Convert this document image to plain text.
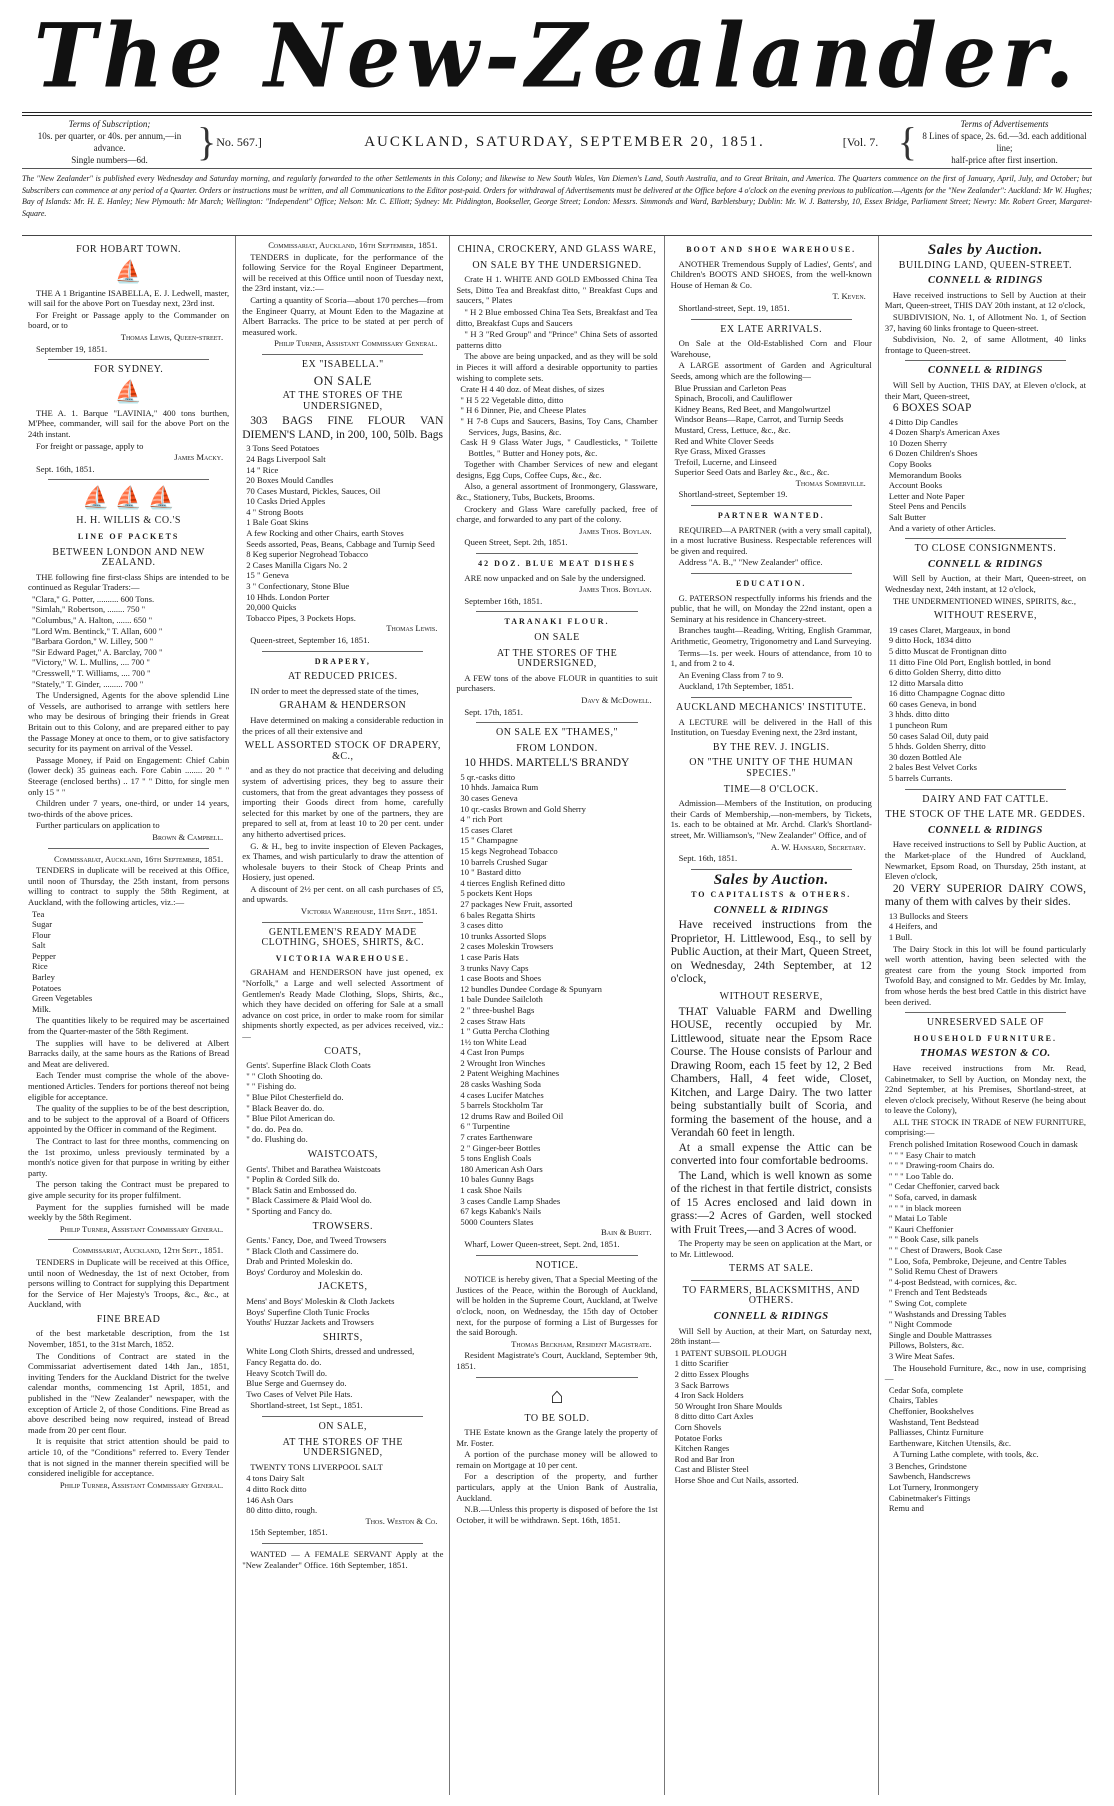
The New-Zealander.
Terms of Subscription;
10s. per quarter, or 40s. per annum,—in advance.
Single numbers—6d.	} No. 567.]	AUCKLAND, SATURDAY, SEPTEMBER 20, 1851.	[Vol. 7. {	Terms of Advertisements
8 Lines of space, 2s. 6d.—3d. each additional line;
half-price after first insertion.
The "New Zealander" is published every Wednesday and Saturday morning, and regularly forwarded to the other Settlements in this Colony; and likewise to New South Wales, Van Diemen's Land, South Australia, and to Great Britain, and America. The Quarters commence on the first of January, April, July, and October; but Subscribers can commence at any period of a Quarter. Orders or instructions must be written, and all Communications to the Editor post-paid. Orders for withdrawal of Advertisements must be delivered at the Office before 4 o'clock on the evening previous to publication.—Agents for the "New Zealander": Auckland: Mr W. Hughes; Bay of Islands: Mr. H. E. Hanley; New Plymouth: Mr March; Wellington: "Independent" Office; Nelson: Mr. C. Elliott; Sydney: Mr. Piddington, Bookseller, George Street; London: Messrs. Simmonds and Ward, Barbletsbury; Dublin: Mr. W. J. Battersby, 10, Essex Bridge, Parliament Street; Newry: Mr. Robert Greer, Margaret-Square.
FOR HOBART TOWN.
⛵
THE A 1 Brigantine ISABELLA, E. J. Ledwell, master, will sail for the above Port on Tuesday next, 23rd inst.
For Freight or Passage apply to the Commander on board, or to
Thomas Lewis, Queen-street.
September 19, 1851.
FOR SYDNEY.
⛵
THE A. 1. Barque "LAVINIA," 400 tons burthen, M'Phee, commander, will sail for the above Port on the 24th instant.
For freight or passage, apply to
James Macky.
Sept. 16th, 1851.
⛵ ⛵ ⛵
H. H. WILLIS & CO.'S
LINE OF PACKETS
BETWEEN LONDON AND NEW ZEALAND.
THE following fine first-class Ships are intended to be continued as Regular Traders:—
"Clara," G. Potter, .......... 600 Tons.
"Simlah," Robertson, ........ 750 "
"Columbus," A. Halton, ....... 650 "
"Lord Wm. Bentinck," T. Allan, 600 "
"Barbara Gordon," W. Lilley, 500 "
"Sir Edward Paget," A. Barclay, 700 "
"Victory," W. L. Mullins, .... 700 "
"Cresswell," T. Williams, .... 700 "
"Stately," T. Ginder, ......... 700 "
The Undersigned, Agents for the above splendid Line of Vessels, are authorised to arrange with settlers here who may be desirous of bringing their friends in Great Britain out to this Colony, and are prepared either to pay the Passage Money at once to them, or to give satisfactory security for its payment on arrival of the Vessel.
Passage Money, if Paid on Engagement: Chief Cabin (lower deck) 35 guineas each. Fore Cabin ........ 20 " " Steerage (enclosed berths) .. 17 " " Ditto, for single men only 15 " "
Children under 7 years, one-third, or under 14 years, two-thirds of the above prices.
Further particulars on application to
Brown & Campbell.
Commissariat, Auckland, 16th September, 1851.
TENDERS in duplicate will be received at this Office, until noon of Thursday, the 25th instant, from persons willing to contract to supply the 58th Regiment, at Auckland, with the following articles, viz.:—
Tea
Sugar
Flour
Salt
Pepper
Rice
Barley
Potatoes
Green Vegetables
Milk.
The quantities likely to be required may be ascertained from the Quarter-master of the 58th Regiment.
The supplies will have to be delivered at Albert Barracks daily, at the same hours as the Rations of Bread and Meat are delivered.
Each Tender must comprise the whole of the above-mentioned Articles. Tenders for portions thereof not being eligible for acceptance.
The quality of the supplies to be of the best description, and to be subject to the approval of a Board of Officers appointed by the Officer in command of the Regiment.
The Contract to last for three months, commencing on the 1st proximo, unless previously terminated by a month's notice given for that purpose in writing by either party.
The person taking the Contract must be prepared to give ample security for its proper fulfilment.
Payment for the supplies furnished will be made weekly by the 58th Regiment.
Philip Turner, Assistant Commissary General.
Commissariat, Auckland, 12th Sept., 1851.
TENDERS in Duplicate will be received at this Office, until noon of Wednesday, the 1st of next October, from persons willing to Contract for supplying this Department for the Service of Her Majesty's Troops, &c., &c., at Auckland, with
FINE BREAD
of the best marketable description, from the 1st November, 1851, to the 31st March, 1852.
The Conditions of Contract are stated in the Commissariat advertisement dated 14th Jan., 1851, inviting Tenders for the Auckland District for the twelve calendar months, commencing 1st April, 1851, and published in the "New Zealander" newspaper, with the exception of Article 2, of those Conditions. Fine Bread as above described being now required, instead of Bread made from 20 per cent flour.
It is requisite that strict attention should be paid to article 10, of the "Conditions" referred to. Every Tender that is not signed in the manner therein specified will be considered ineligible for acceptance.
Philip Turner, Assistant Commissary General.
Commissariat, Auckland, 16th September, 1851.
TENDERS in duplicate, for the performance of the following Service for the Royal Engineer Department, will be received at this Office until noon of Tuesday next, the 23rd instant, viz.:—
Carting a quantity of Scoria—about 170 perches—from the Engineer Quarry, at Mount Eden to the Magazine at Albert Barracks. The price to be stated at per perch of measured work.
Philip Turner, Assistant Commissary General.
EX "ISABELLA."
ON SALE
AT THE STORES OF THE UNDERSIGNED,
303 BAGS FINE FLOUR VAN DIEMEN'S LAND, in 200, 100, 50lb. Bags
3 Tons Seed Potatoes
24 Bags Liverpool Salt
14 " Rice
20 Boxes Mould Candles
70 Cases Mustard, Pickles, Sauces, Oil
10 Casks Dried Apples
4 " Strong Boots
1 Bale Goat Skins
A few Rocking and other Chairs, earth Stoves
Seeds assorted, Peas, Beans, Cabbage and Turnip Seed
8 Keg superior Negrohead Tobacco
2 Cases Manilla Cigars No. 2
15 " Geneva
3 " Confectionary, Stone Blue
10 Hhds. London Porter
20,000 Quicks
Tobacco Pipes, 3 Pockets Hops.
Thomas Lewis.
Queen-street, September 16, 1851.
DRAPERY,
AT REDUCED PRICES.
IN order to meet the depressed state of the times,
GRAHAM & HENDERSON
Have determined on making a considerable reduction in the prices of all their extensive and
WELL ASSORTED STOCK OF DRAPERY, &C.,
and as they do not practice that deceiving and deluding system of advertising prices, they beg to assure their customers, that from the great advantages they possess of importing their Goods direct from home, carefully selected for this market by one of the partners, they are prepared to sell at, from at least 10 to 20 per cent. under any hitherto advertised prices.
G. & H., beg to invite inspection of Eleven Packages, ex Thames, and wish particularly to draw the attention of wholesale buyers to their Stock of Cheap Prints and Hosiery, just opened.
A discount of 2½ per cent. on all cash purchases of £5, and upwards.
Victoria Warehouse, 11th Sept., 1851.
GENTLEMEN'S READY MADE CLOTHING, SHOES, SHIRTS, &C.
VICTORIA WAREHOUSE.
GRAHAM and HENDERSON have just opened, ex "Norfolk," a Large and well selected Assortment of Gentlemen's Ready Made Clothing, Slops, Shirts, &c., which they have decided on offering for Sale at a small advance on cost price, in order to make room for similar shipments shortly expected, as per advices received, viz.:—
COATS,
Gents'. Superfine Black Cloth Coats
" " Cloth Shooting do.
" " Fishing do.
" Blue Pilot Chesterfield do.
" Black Beaver do. do.
" Blue Pilot American do.
" do. do. Pea do.
" do. Flushing do.
WAISTCOATS,
Gents'. Thibet and Barathea Waistcoats
" Poplin & Corded Silk do.
" Black Satin and Embossed do.
" Black Cassimere & Plaid Wool do.
" Sporting and Fancy do.
TROWSERS.
Gents.' Fancy, Doe, and Tweed Trowsers
" Black Cloth and Cassimere do.
Drab and Printed Moleskin do.
Boys' Corduroy and Moleskin do.
JACKETS,
Mens' and Boys' Moleskin & Cloth Jackets
Boys' Superfine Cloth Tunic Frocks
Youths' Huzzar Jackets and Trowsers
SHIRTS,
White Long Cloth Shirts, dressed and undressed,
Fancy Regatta do. do.
Heavy Scotch Twill do.
Blue Serge and Guernsey do.
Two Cases of Velvet Pile Hats.
Shortland-street, 1st Sept., 1851.
ON SALE,
AT THE STORES OF THE UNDERSIGNED,
TWENTY TONS LIVERPOOL SALT
4 tons Dairy Salt
4 ditto Rock ditto
146 Ash Oars
80 ditto ditto, rough.
Thos. Weston & Co.
15th September, 1851.
WANTED — A FEMALE SERVANT Apply at the "New Zealander" Office. 16th September, 1851.
CHINA, CROCKERY, AND GLASS WARE,
ON SALE BY THE UNDERSIGNED.
Crate H 1. WHITE AND GOLD EMbossed China Tea Sets, Ditto Tea and Breakfast ditto, " Breakfast Cups and saucers, " Plates
" H 2 Blue embossed China Tea Sets, Breakfast and Tea ditto, Breakfast Cups and Saucers
" H 3 "Red Group" and "Prince" China Sets of assorted patterns ditto
The above are being unpacked, and as they will be sold in Pieces it will afford a desirable opportunity to parties wishing to complete sets.
Crate H 4 40 doz. of Meat dishes, of sizes
" H 5 22 Vegetable ditto, ditto
" H 6 Dinner, Pie, and Cheese Plates
" H 7-8 Cups and Saucers, Basins, Toy Cans, Chamber Services, Jugs, Basins, &c.
Cask H 9 Glass Water Jugs, " Caudlesticks, " Toilette Bottles, " Butter and Honey pots, &c.
Together with Chamber Services of new and elegant designs, Egg Cups, Coffee Cups, &c., &c.
Also, a general assortment of Ironmongery, Glassware, &c., Stationery, Tubs, Buckets, Brooms.
Crockery and Glass Ware carefully packed, free of charge, and forwarded to any part of the colony.
James Thos. Boylan.
Queen Street, Sept. 2th, 1851.
42 DOZ. BLUE MEAT DISHES
ARE now unpacked and on Sale by the undersigned.
James Thos. Boylan.
September 16th, 1851.
TARANAKI FLOUR.
ON SALE
AT THE STORES OF THE UNDERSIGNED,
A FEW tons of the above FLOUR in quantities to suit purchasers.
Davy & McDowell.
Sept. 17th, 1851.
ON SALE EX "THAMES,"
FROM LONDON.
10 HHDS. MARTELL'S BRANDY
5 qr.-casks ditto
10 hhds. Jamaica Rum
30 cases Geneva
10 qr.-casks Brown and Gold Sherry
4 " rich Port
15 cases Claret
15 " Champagne
15 kegs Negrohead Tobacco
10 barrels Crushed Sugar
10 " Bastard ditto
4 tierces English Refined ditto
5 pockets Kent Hops
27 packages New Fruit, assorted
6 bales Regatta Shirts
3 cases ditto
10 trunks Assorted Slops
2 cases Moleskin Trowsers
1 case Paris Hats
3 trunks Navy Caps
1 case Boots and Shoes
12 bundles Dundee Cordage & Spunyarn
1 bale Dundee Sailcloth
2 " three-bushel Bags
2 cases Straw Hats
1 " Gutta Percha Clothing
1½ ton White Lead
4 Cast Iron Pumps
2 Wrought Iron Winches
2 Patent Weighing Machines
28 casks Washing Soda
4 cases Lucifer Matches
5 barrels Stockholm Tar
12 drums Raw and Boiled Oil
6 " Turpentine
7 crates Earthenware
2 " Ginger-beer Bottles
5 tons English Coals
180 American Ash Oars
10 bales Gunny Bags
1 cask Shoe Nails
3 cases Candle Lamp Shades
67 kegs Kabank's Nails
5000 Counters Slates
Bain & Burtt.
Wharf, Lower Queen-street, Sept. 2nd, 1851.
NOTICE.
NOTICE is hereby given, That a Special Meeting of the Justices of the Peace, within the Borough of Auckland, will be holden in the Supreme Court, Auckland, at Twelve o'clock, noon, on Wednesday, the 15th day of October next, for the purpose of forming a List of Burgesses for the said Borough.
Thomas Beckham, Resident Magistrate.
Resident Magistrate's Court, Auckland, September 9th, 1851.
⌂
TO BE SOLD.
THE Estate known as the Grange lately the property of Mr. Foster.
A portion of the purchase money will be allowed to remain on Mortgage at 10 per cent.
For a description of the property, and further particulars, apply at the Union Bank of Australia, Auckland.
N.B.—Unless this property is disposed of before the 1st October, it will be withdrawn. Sept. 16th, 1851.
BOOT AND SHOE WAREHOUSE.
ANOTHER Tremendous Supply of Ladies', Gents', and Children's BOOTS AND SHOES, from the well-known House of Heman & Co.
T. Keven.
Shortland-street, Sept. 19, 1851.
EX LATE ARRIVALS.
On Sale at the Old-Established Corn and Flour Warehouse,
A LARGE assortment of Garden and Agricultural Seeds, among which are the following—
Blue Prussian and Carleton Peas
Spinach, Brocoli, and Cauliflower
Kidney Beans, Red Beet, and Mangolwurtzel
Windsor Beans—Rape, Carrot, and Turnip Seeds
Mustard, Cress, Lettuce, &c., &c.
Red and White Clover Seeds
Rye Grass, Mixed Grasses
Trefoil, Lucerne, and Linseed
Superior Seed Oats and Barley &c., &c., &c.
Thomas Somerville.
Shortland-street, September 19.
PARTNER WANTED.
REQUIRED—A PARTNER (with a very small capital), in a most lucrative Business. Respectable references will be given and required.
Address "A. B.," "New Zealander" office.
EDUCATION.
G. PATERSON respectfully informs his friends and the public, that he will, on Monday the 22nd instant, open a Seminary at his residence in Chancery-street.
Branches taught—Reading, Writing, English Grammar, Arithmetic, Geometry, Trigonometry and Land Surveying.
Terms—1s. per week. Hours of attendance, from 10 to 1, and from 2 to 4.
An Evening Class from 7 to 9.
Auckland, 17th September, 1851.
AUCKLAND MECHANICS' INSTITUTE.
A LECTURE will be delivered in the Hall of this Institution, on Tuesday Evening next, the 23rd instant,
BY THE REV. J. INGLIS.
ON "THE UNITY OF THE HUMAN SPECIES."
TIME—8 O'CLOCK.
Admission—Members of the Institution, on producing their Cards of Membership,—non-members, by Tickets, 1s. each to be obtained at Mr. Archd. Clark's Shortland-street, Mr. Williamson's, "New Zealander" Office, and of
A. W. Hansard, Secretary.
Sept. 16th, 1851.
Sales by Auction.
TO CAPITALISTS & OTHERS.
CONNELL & RIDINGS
Have received instructions from the Proprietor, H. Littlewood, Esq., to sell by Public Auction, at their Mart, Queen Street, on Wednesday, 24th September, at 12 o'clock,
WITHOUT RESERVE,
THAT Valuable FARM and Dwelling HOUSE, recently occupied by Mr. Littlewood, situate near the Epsom Race Course. The House consists of Parlour and Drawing Room, each 15 feet by 12, 2 Bed Chambers, Hall, 4 feet wide, Closet, Kitchen, and Large Dairy. The two latter being substantially built of Scoria, and forming the basement of the house, and a Verandah 60 feet in length.
At a small expense the Attic can be converted into four comfortable bedrooms.
The Land, which is well known as some of the richest in that fertile district, consists of 15 Acres enclosed and laid down in grass:—2 Acres of Garden, well stocked with Fruit Trees,—and 3 Acres of wood.
The Property may be seen on application at the Mart, or to Mr. Littlewood.
TERMS AT SALE.
TO FARMERS, BLACKSMITHS, AND OTHERS.
CONNELL & RIDINGS
Will Sell by Auction, at their Mart, on Saturday next, 28th instant—
1 PATENT SUBSOIL PLOUGH
1 ditto Scarifier
2 ditto Essex Ploughs
3 Sack Barrows
4 Iron Sack Holders
50 Wrought Iron Share Moulds
8 ditto ditto Cart Axles
Corn Shovels
Potatoe Forks
Kitchen Ranges
Rod and Bar Iron
Cast and Blister Steel
Horse Shoe and Cut Nails, assorted.
Sales by Auction.
BUILDING LAND, QUEEN-STREET.
CONNELL & RIDINGS
Have received instructions to Sell by Auction at their Mart, Queen-street, THIS DAY 20th instant, at 12 o'clock,
SUBDIVISION, No. 1, of Allotment No. 1, of Section 37, having 60 links frontage to Queen-street.
Subdivision, No. 2, of same Allotment, 40 links frontage to Queen-street.
CONNELL & RIDINGS
Will Sell by Auction, THIS DAY, at Eleven o'clock, at their Mart, Queen-street,
6 BOXES SOAP
4 Ditto Dip Candles
4 Dozen Sharp's American Axes
10 Dozen Sherry
6 Dozen Children's Shoes
Copy Books
Memorandum Books
Account Books
Letter and Note Paper
Steel Pens and Pencils
Salt Butter
And a variety of other Articles.
TO CLOSE CONSIGNMENTS.
CONNELL & RIDINGS
Will Sell by Auction, at their Mart, Queen-street, on Wednesday next, 24th instant, at 12 o'clock,
THE UNDERMENTIONED WINES, SPIRITS, &c.,
WITHOUT RESERVE,
19 cases Claret, Margeaux, in bond
9 ditto Hock, 1834 ditto
5 ditto Muscat de Frontignan ditto
11 ditto Fine Old Port, English bottled, in bond
6 ditto Golden Sherry, ditto ditto
12 ditto Marsala ditto
16 ditto Champagne Cognac ditto
60 cases Geneva, in bond
3 hhds. ditto ditto
1 puncheon Rum
50 cases Salad Oil, duty paid
5 hhds. Golden Sherry, ditto
30 dozen Bottled Ale
2 bales Best Velvet Corks
5 barrels Currants.
DAIRY AND FAT CATTLE.
THE STOCK OF THE LATE MR. GEDDES.
CONNELL & RIDINGS
Have received instructions to Sell by Public Auction, at the Market-place of the Hundred of Auckland, Newmarket, Epsom Road, on Thursday, 25th instant, at Eleven o'clock,
20 VERY SUPERIOR DAIRY COWS, many of them with calves by their sides.
13 Bullocks and Steers
4 Heifers, and
1 Bull.
The Dairy Stock in this lot will be found particularly well worth attention, having been selected with the greatest care from the young Stock imported from Twofold Bay, and consigned to Mr. Geddes by Mr. Imlay, from whose herds the best bred Cattle in this district have been derived.
UNRESERVED SALE OF
HOUSEHOLD FURNITURE.
THOMAS WESTON & CO.
Have received instructions from Mr. Read, Cabinetmaker, to Sell by Auction, on Monday next, the 22nd September, at his Premises, Shortland-street, at eleven o'clock precisely, Without Reserve (he being about to leave the Colony),
ALL THE STOCK IN TRADE of NEW FURNITURE, comprising:—
French polished Imitation Rosewood Couch in damask
" " " Easy Chair to match
" " " Drawing-room Chairs do.
" " " Loo Table do.
" Cedar Cheffonier, carved back
" Sofa, carved, in damask
" " " in black moreen
" Matai Lo Table
" Kauri Cheffonier
" " Book Case, silk panels
" " Chest of Drawers, Book Case
" Loo, Sofa, Pembroke, Dejeune, and Centre Tables
" Solid Remu Chest of Drawers
" 4-post Bedstead, with cornices, &c.
" French and Tent Bedsteads
" Swing Cot, complete
" Washstands and Dressing Tables
" Night Commode
Single and Double Mattrasses
Pillows, Bolsters, &c.
3 Wire Meat Safes.
The Household Furniture, &c., now in use, comprising—
Cedar Sofa, complete
Chairs, Tables
Cheffonier, Bookshelves
Washstand, Tent Bedstead
Palliasses, Chintz Furniture
Earthenware, Kitchen Utensils, &c.
A Turning Lathe complete, with tools, &c.
3 Benches, Grindstone
Sawbench, Handscrews
Lot Turnery, Ironmongery
Cabinetmaker's Fittings
Remu and
